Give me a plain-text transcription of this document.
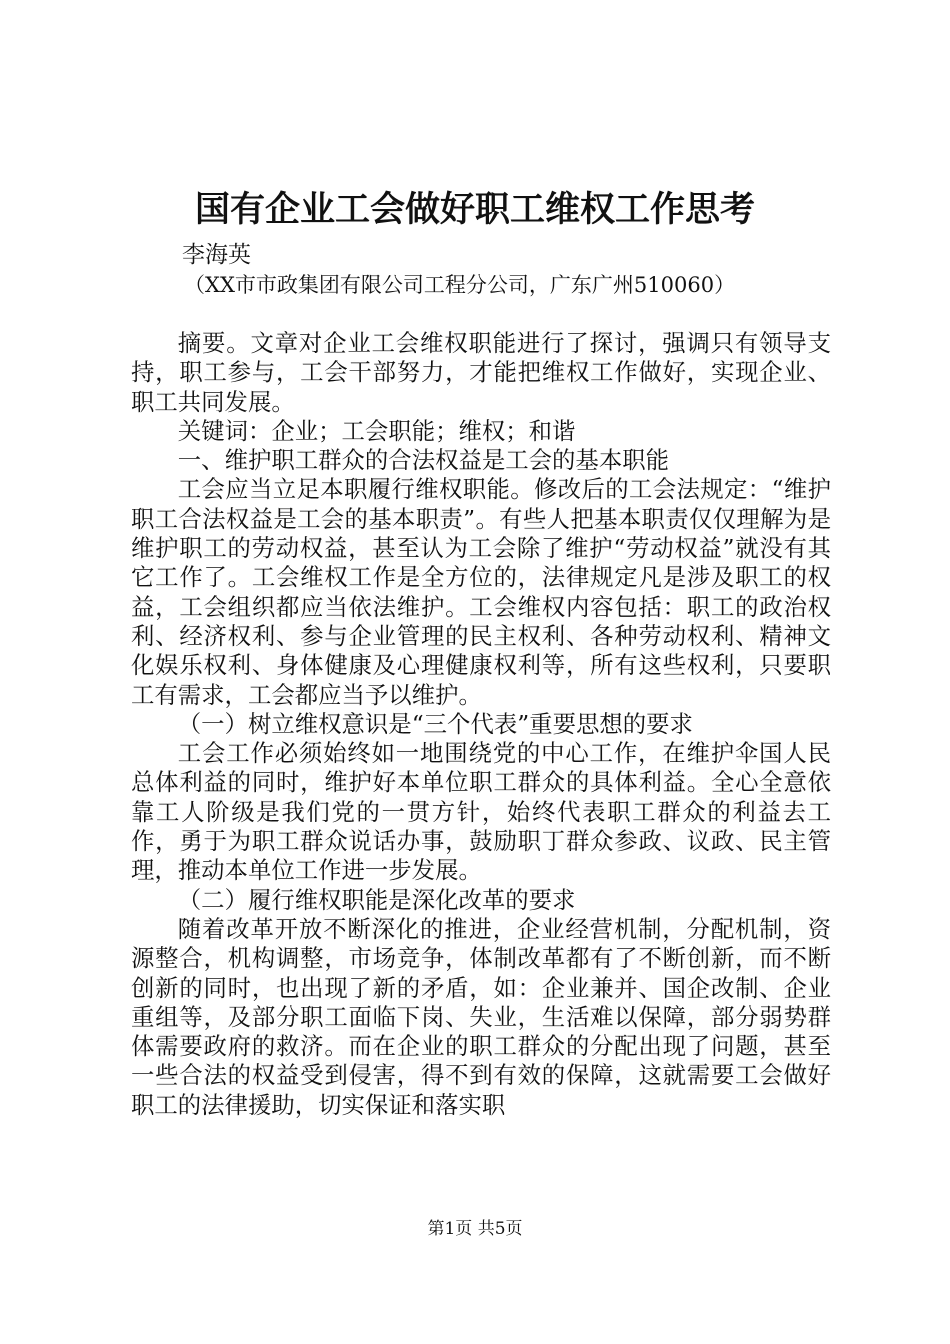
国有企业工会做好职工维权工作思考
李海英
（XX市市政集团有限公司工程分公司，广东广州510060）

摘要。文章对企业工会维权职能进行了探讨，强调只有领导支持，职工参与，工会干部努力，才能把维权工作做好，实现企业、职工共同发展。

关键词：企业；工会职能；维权；和谐

一、维护职工群众的合法权益是工会的基本职能

工会应当立足本职履行维权职能。修改后的工会法规定：“维护职工合法权益是工会的基本职责”。有些人把基本职责仅仅理解为是维护职工的劳动权益，甚至认为工会除了维护“劳动权益”就没有其它工作了。工会维权工作是全方位的，法律规定凡是涉及职工的权益，工会组织都应当依法维护。工会维权内容包括：职工的政治权利、经济权利、参与企业管理的民主权利、各种劳动权利、精神文化娱乐权利、身体健康及心理健康权利等，所有这些权利，只要职工有需求，工会都应当予以维护。

（一）树立维权意识是“三个代表”重要思想的要求

工会工作必须始终如一地围绕党的中心工作，在维护伞国人民总体利益的同时，维护好本单位职工群众的具体利益。全心全意依靠工人阶级是我们党的一贯方针，始终代表职工群众的利益去工作，勇于为职工群众说话办事，鼓励职丁群众参政、议政、民主管理，推动本单位工作进一步发展。

（二）履行维权职能是深化改革的要求

随着改革开放不断深化的推进，企业经营机制，分配机制，资源整合，机构调整，市场竞争，体制改革都有了不断创新，而不断创新的同时，也出现了新的矛盾，如：企业兼并、国企改制、企业重组等，及部分职工面临下岗、失业，生活难以保障，部分弱势群体需要政府的救济。而在企业的职工群众的分配出现了问题，甚至一些合法的权益受到侵害，得不到有效的保障，这就需要工会做好职工的法律援助，切实保证和落实职

第1页 共5页
